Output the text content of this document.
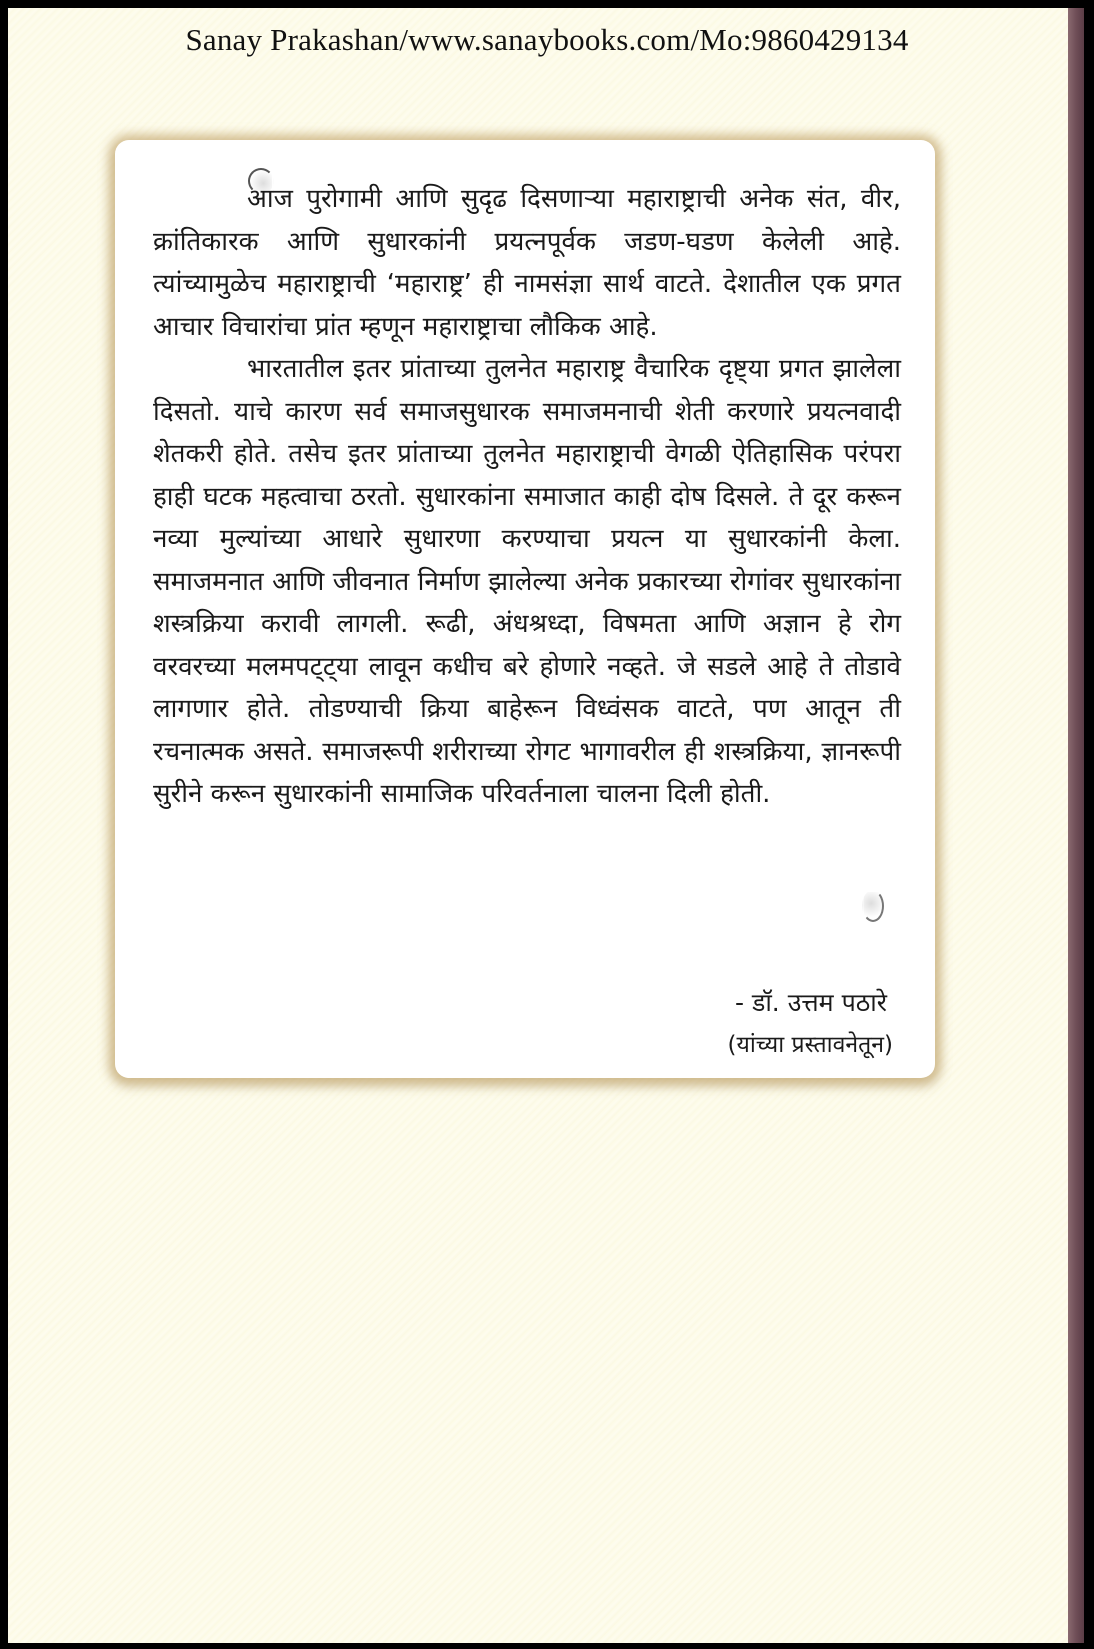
आज पुरोगामी आणि सुदृढ दिसणाऱ्या महाराष्ट्राची अनेक संत, वीर, क्रांतिकारक आणि सुधारकांनी प्रयत्नपूर्वक जडण-घडण केलेली आहे. त्यांच्यामुळेच महाराष्ट्राची ‘महाराष्ट्र’ ही नामसंज्ञा सार्थ वाटते. देशातील एक प्रगत आचार विचारांचा प्रांत म्हणून महाराष्ट्राचा लौकिक आहे.

भारतातील इतर प्रांताच्या तुलनेत महाराष्ट्र वैचारिक दृष्ट्या प्रगत झालेला दिसतो. याचे कारण सर्व समाजसुधारक समाजमनाची शेती करणारे प्रयत्नवादी शेतकरी होते. तसेच इतर प्रांताच्या तुलनेत महाराष्ट्राची वेगळी ऐतिहासिक परंपरा हाही घटक महत्वाचा ठरतो. सुधारकांना समाजात काही दोष दिसले. ते दूर करून नव्या मुल्यांच्या आधारे सुधारणा करण्याचा प्रयत्न या सुधारकांनी केला. समाजमनात आणि जीवनात निर्माण झालेल्या अनेक प्रकारच्या रोगांवर सुधारकांना शस्त्रक्रिया करावी लागली. रूढी, अंधश्रध्दा, विषमता आणि अज्ञान हे रोग वरवरच्या मलमपट्ट्या लावून कधीच बरे होणारे नव्हते. जे सडले आहे ते तोडावे लागणार होते. तोडण्याची क्रिया बाहेरून विध्वंसक वाटते, पण आतून ती रचनात्मक असते. समाजरूपी शरीराच्या रोगट भागावरील ही शस्त्रक्रिया, ज्ञानरूपी सुरीने करून सुधारकांनी सामाजिक परिवर्तनाला चालना दिली होती.

- डॉ. उत्तम पठारे
(यांच्या प्रस्तावनेतून)
Sanay Prakashan/www.sanaybooks.com/Mo:9860429134
